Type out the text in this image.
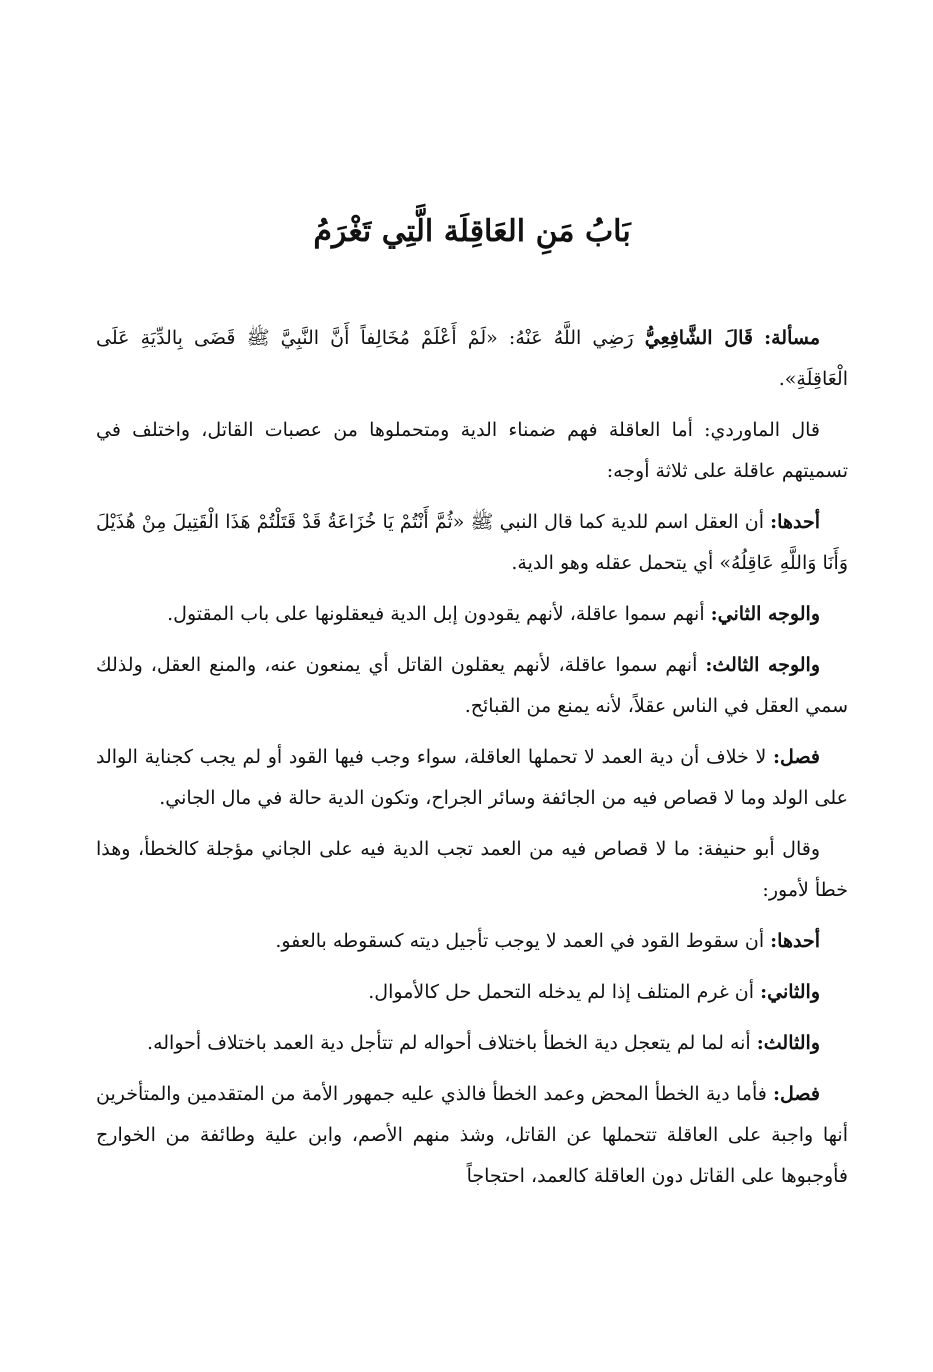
بَابُ مَنِ العَاقِلَة الَّتِي تَغْرَمُ

مسألة: قَالَ الشَّافِعِيُّ رَضِي اللَّهُ عَنْهُ: «لَمْ أَعْلَمْ مُخَالِفاً أَنَّ النَّبِيَّ ﷺ قَضَى بِالدِّيَةِ عَلَى الْعَاقِلَةِ».

قال الماوردي: أما العاقلة فهم ضمناء الدية ومتحملوها من عصبات القاتل، واختلف في تسميتهم عاقلة على ثلاثة أوجه:

أحدها: أن العقل اسم للدية كما قال النبي ﷺ «ثُمَّ أَنْتُمْ يَا خُزَاعَةُ قَدْ قَتَلْتُمْ هَذَا الْقَتِيلَ مِنْ هُذَيْلَ وَأَنَا وَاللَّهِ عَاقِلُهُ» أي يتحمل عقله وهو الدية.

والوجه الثاني: أنهم سموا عاقلة، لأنهم يقودون إبل الدية فيعقلونها على باب المقتول.

والوجه الثالث: أنهم سموا عاقلة، لأنهم يعقلون القاتل أي يمنعون عنه، والمنع العقل، ولذلك سمي العقل في الناس عقلاً، لأنه يمنع من القبائح.

فصل: لا خلاف أن دية العمد لا تحملها العاقلة، سواء وجب فيها القود أو لم يجب كجناية الوالد على الولد وما لا قصاص فيه من الجائفة وسائر الجراح، وتكون الدية حالة في مال الجاني.

وقال أبو حنيفة: ما لا قصاص فيه من العمد تجب الدية فيه على الجاني مؤجلة كالخطأ، وهذا خطأ لأمور:

أحدها: أن سقوط القود في العمد لا يوجب تأجيل ديته كسقوطه بالعفو.

والثاني: أن غرم المتلف إذا لم يدخله التحمل حل كالأموال.

والثالث: أنه لما لم يتعجل دية الخطأ باختلاف أحواله لم تتأجل دية العمد باختلاف أحواله.

فصل: فأما دية الخطأ المحض وعمد الخطأ فالذي عليه جمهور الأمة من المتقدمين والمتأخرين أنها واجبة على العاقلة تتحملها عن القاتل، وشذ منهم الأصم، وابن علية وطائفة من الخوارج فأوجبوها على القاتل دون العاقلة كالعمد، احتجاجاً
